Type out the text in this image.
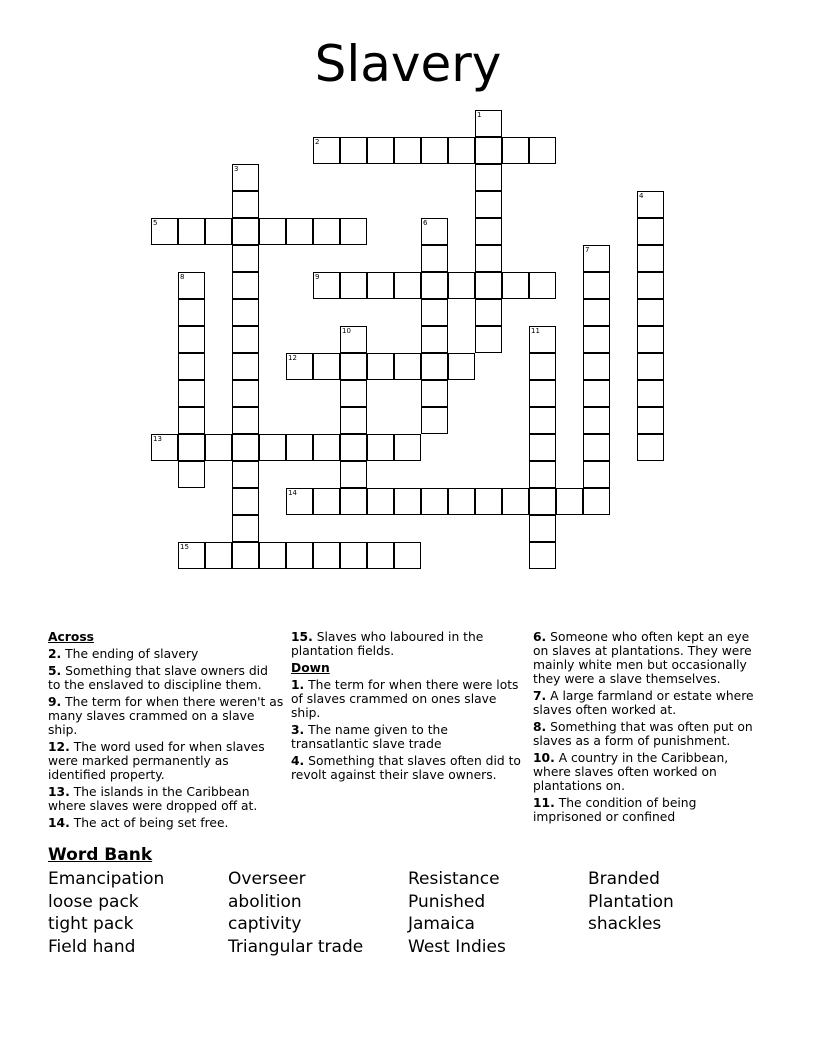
Slavery
1
2
3
4
5	6
7
8	9
10	11
12
13
14
15
Across
2. The ending of slavery
5. Something that slave owners did to the enslaved to discipline them.
9. The term for when there weren't as many slaves crammed on a slave ship.
12. The word used for when slaves were marked permanently as identified property.
13. The islands in the Caribbean where slaves were dropped off at.
14. The act of being set free.
15. Slaves who laboured in the plantation fields.
Down
1. The term for when there were lots of slaves crammed on ones slave ship.
3. The name given to the transatlantic slave trade
4. Something that slaves often did to revolt against their slave owners.
6. Someone who often kept an eye on slaves at plantations. They were mainly white men but occasionally they were a slave themselves.
7. A large farmland or estate where slaves often worked at.
8. Something that was often put on slaves as a form of punishment.
10. A country in the Caribbean, where slaves often worked on plantations on.
11. The condition of being imprisoned or confined
Word Bank
Emancipation	Overseer	Resistance	Branded
loose pack	abolition	Punished	Plantation
tight pack	captivity	Jamaica	shackles
Field hand	Triangular trade	West Indies
